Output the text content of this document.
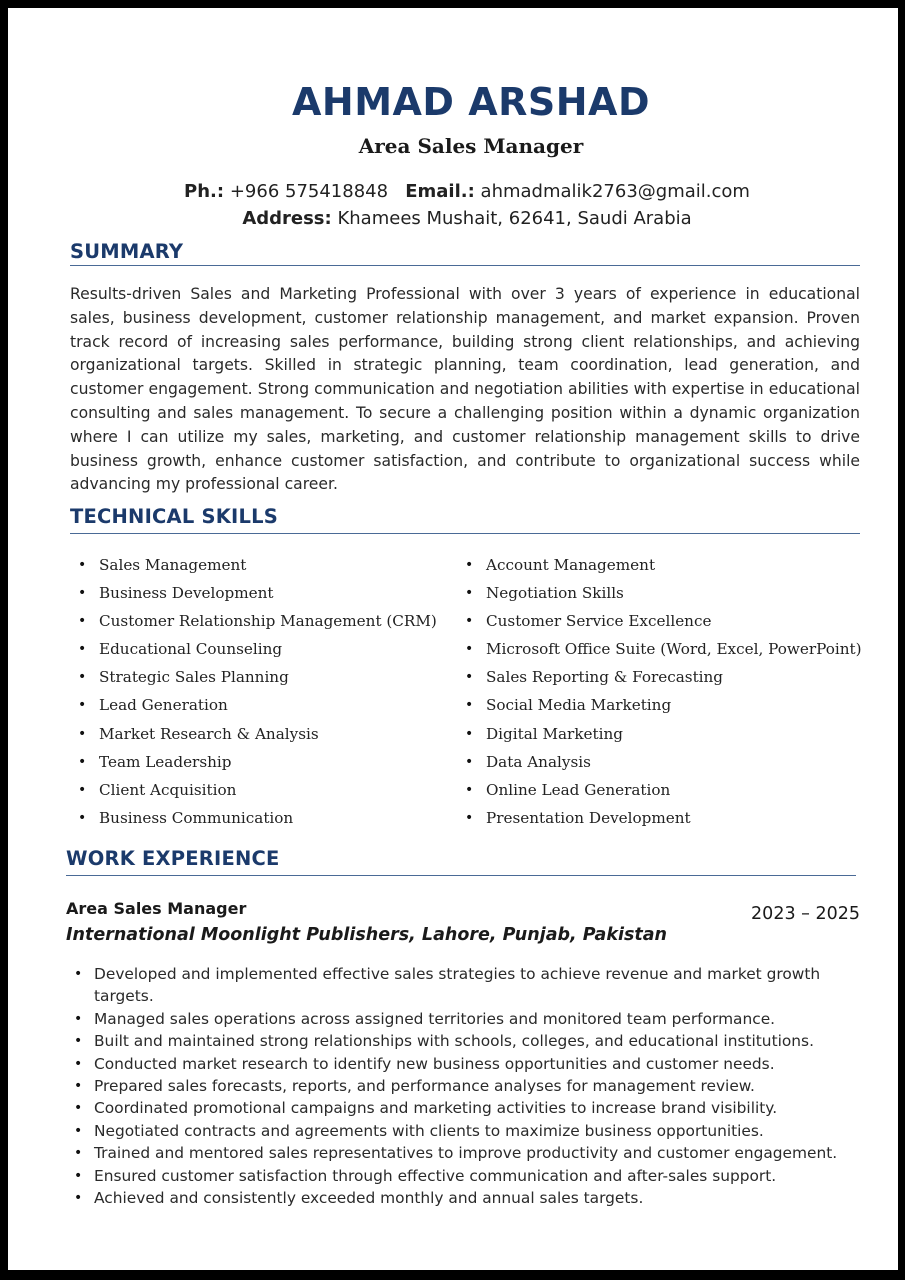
AHMAD ARSHAD
Area Sales Manager
Ph.: +966 575418848 Email.: ahmadmalik2763@gmail.com
Address: Khamees Mushait, 62641, Saudi Arabia
SUMMARY

Results-driven Sales and Marketing Professional with over 3 years of experience in educational sales, business development, customer relationship management, and market expansion. Proven track record of increasing sales performance, building strong client relationships, and achieving organizational targets. Skilled in strategic planning, team coordination, lead generation, and customer engagement. Strong communication and negotiation abilities with expertise in educational consulting and sales management. To secure a challenging position within a dynamic organization where I can utilize my sales, marketing, and customer relationship management skills to drive business growth, enhance customer satisfaction, and contribute to organizational success while advancing my professional career.

TECHNICAL SKILLS
• Sales Management
• Business Development
• Customer Relationship Management (CRM)
• Educational Counseling
• Strategic Sales Planning
• Lead Generation
• Market Research & Analysis
• Team Leadership
• Client Acquisition
• Business Communication
• Account Management
• Negotiation Skills
• Customer Service Excellence
• Microsoft Office Suite (Word, Excel, PowerPoint)
• Sales Reporting & Forecasting
• Social Media Marketing
• Digital Marketing
• Data Analysis
• Online Lead Generation
• Presentation Development
WORK EXPERIENCE
Area Sales Manager	2023 – 2025
International Moonlight Publishers, Lahore, Punjab, Pakistan
• Developed and implemented effective sales strategies to achieve revenue and market growth targets.
• Managed sales operations across assigned territories and monitored team performance.
• Built and maintained strong relationships with schools, colleges, and educational institutions.
• Conducted market research to identify new business opportunities and customer needs.
• Prepared sales forecasts, reports, and performance analyses for management review.
• Coordinated promotional campaigns and marketing activities to increase brand visibility.
• Negotiated contracts and agreements with clients to maximize business opportunities.
• Trained and mentored sales representatives to improve productivity and customer engagement.
• Ensured customer satisfaction through effective communication and after-sales support.
• Achieved and consistently exceeded monthly and annual sales targets.
